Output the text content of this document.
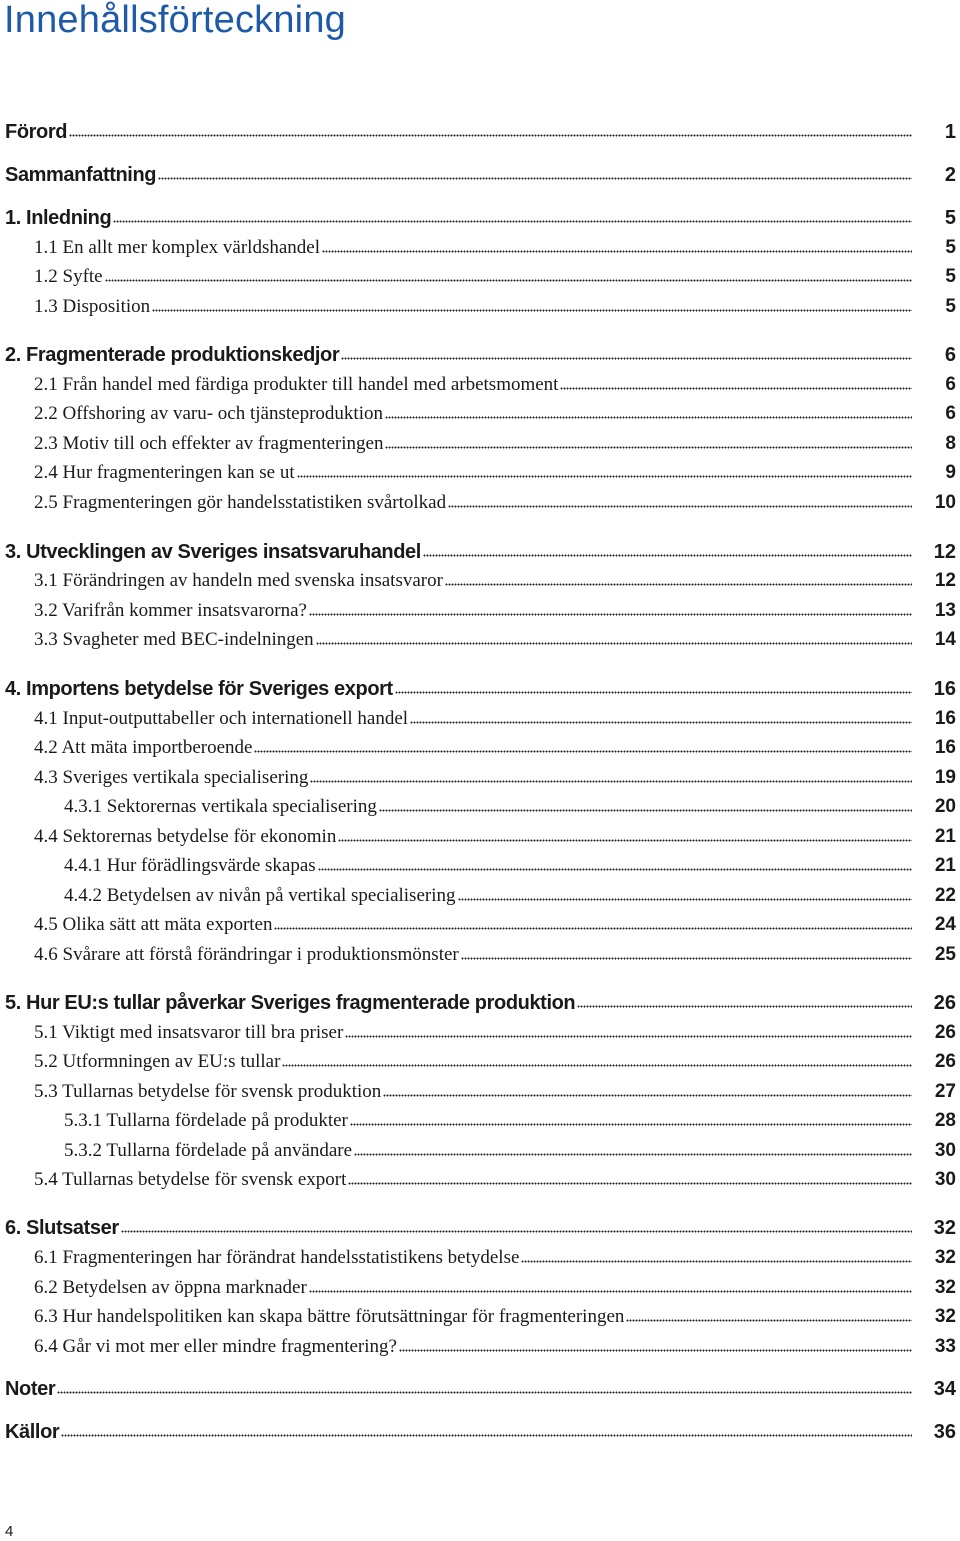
Innehållsförteckning
Förord	1
Sammanfattning	2
1. Inledning	5
1.1 En allt mer komplex världshandel	5
1.2 Syfte	5
1.3 Disposition	5
2. Fragmenterade produktionskedjor	6
2.1 Från handel med färdiga produkter till handel med arbetsmoment	6
2.2 Offshoring av varu- och tjänsteproduktion	6
2.3 Motiv till och effekter av fragmenteringen	8
2.4 Hur fragmenteringen kan se ut	9
2.5 Fragmenteringen gör handelsstatistiken svårtolkad	10
3. Utvecklingen av Sveriges insatsvaruhandel	12
3.1 Förändringen av handeln med svenska insatsvaror	12
3.2 Varifrån kommer insatsvarorna?	13
3.3 Svagheter med BEC-indelningen	14
4. Importens betydelse för Sveriges export	16
4.1 Input-outputtabeller och internationell handel	16
4.2 Att mäta importberoende	16
4.3 Sveriges vertikala specialisering	19
4.3.1 Sektorernas vertikala specialisering	20
4.4 Sektorernas betydelse för ekonomin	21
4.4.1 Hur förädlingsvärde skapas	21
4.4.2 Betydelsen av nivån på vertikal specialisering	22
4.5 Olika sätt att mäta exporten	24
4.6 Svårare att förstå förändringar i produktionsmönster	25
5. Hur EU:s tullar påverkar Sveriges fragmenterade produktion	26
5.1 Viktigt med insatsvaror till bra priser	26
5.2 Utformningen av EU:s tullar	26
5.3 Tullarnas betydelse för svensk produktion	27
5.3.1 Tullarna fördelade på produkter	28
5.3.2 Tullarna fördelade på användare	30
5.4 Tullarnas betydelse för svensk export	30
6. Slutsatser	32
6.1 Fragmenteringen har förändrat handelsstatistikens betydelse	32
6.2 Betydelsen av öppna marknader	32
6.3 Hur handelspolitiken kan skapa bättre förutsättningar för fragmenteringen	32
6.4 Går vi mot mer eller mindre fragmentering?	33
Noter	34
Källor	36
4
